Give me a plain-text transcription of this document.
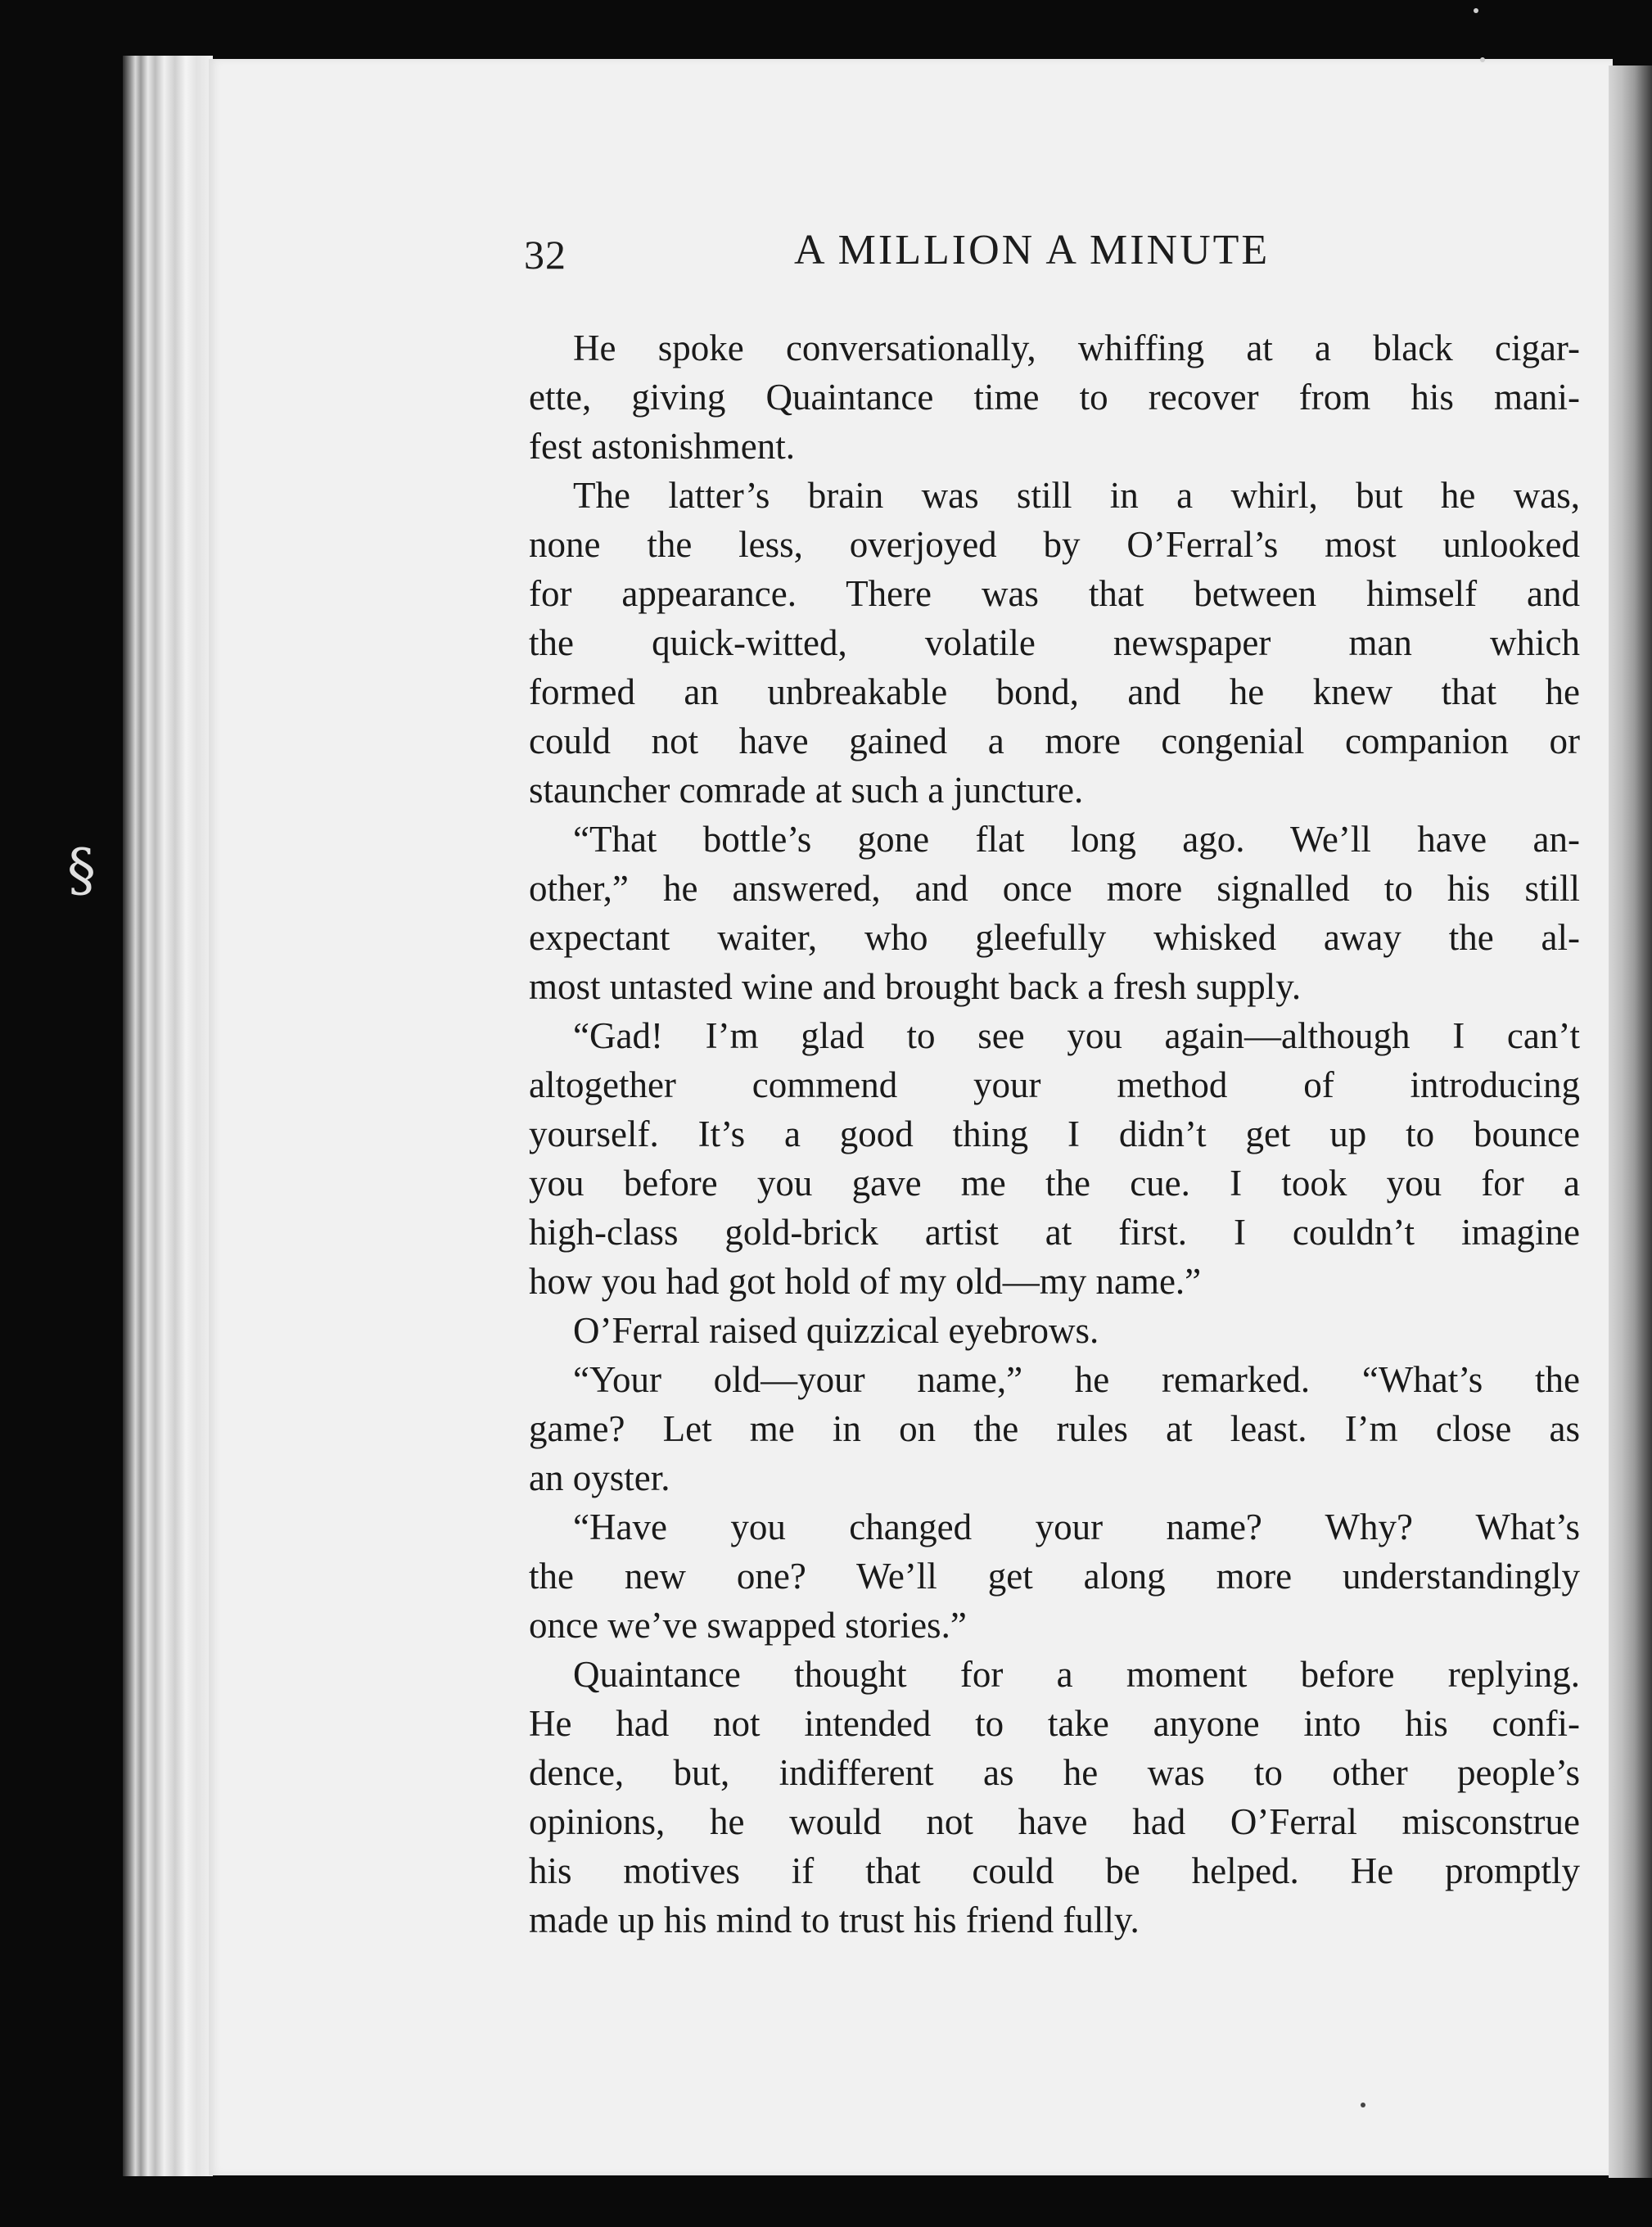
§
32	A MILLION A MINUTE

He spoke conversationally, whiffing at a black cigar-
ette, giving Quaintance time to recover from his mani-
fest astonishment.

The latter’s brain was still in a whirl, but he was,
none the less, overjoyed by O’Ferral’s most unlooked
for appearance. There was that between himself and
the quick-witted, volatile newspaper man which
formed an unbreakable bond, and he knew that he
could not have gained a more congenial companion or
stauncher comrade at such a juncture.

“That bottle’s gone flat long ago. We’ll have an-
other,” he answered, and once more signalled to his still
expectant waiter, who gleefully whisked away the al-
most untasted wine and brought back a fresh supply.

“Gad! I’m glad to see you again—although I can’t
altogether commend your method of introducing
yourself. It’s a good thing I didn’t get up to bounce
you before you gave me the cue. I took you for a
high-class gold-brick artist at first. I couldn’t imagine
how you had got hold of my old—my name.”

O’Ferral raised quizzical eyebrows.

“Your old—your name,” he remarked. “What’s the
game? Let me in on the rules at least. I’m close as
an oyster.

“Have you changed your name? Why? What’s
the new one? We’ll get along more understandingly
once we’ve swapped stories.”

Quaintance thought for a moment before replying.
He had not intended to take anyone into his confi-
dence, but, indifferent as he was to other people’s
opinions, he would not have had O’Ferral misconstrue
his motives if that could be helped. He promptly
made up his mind to trust his friend fully.
